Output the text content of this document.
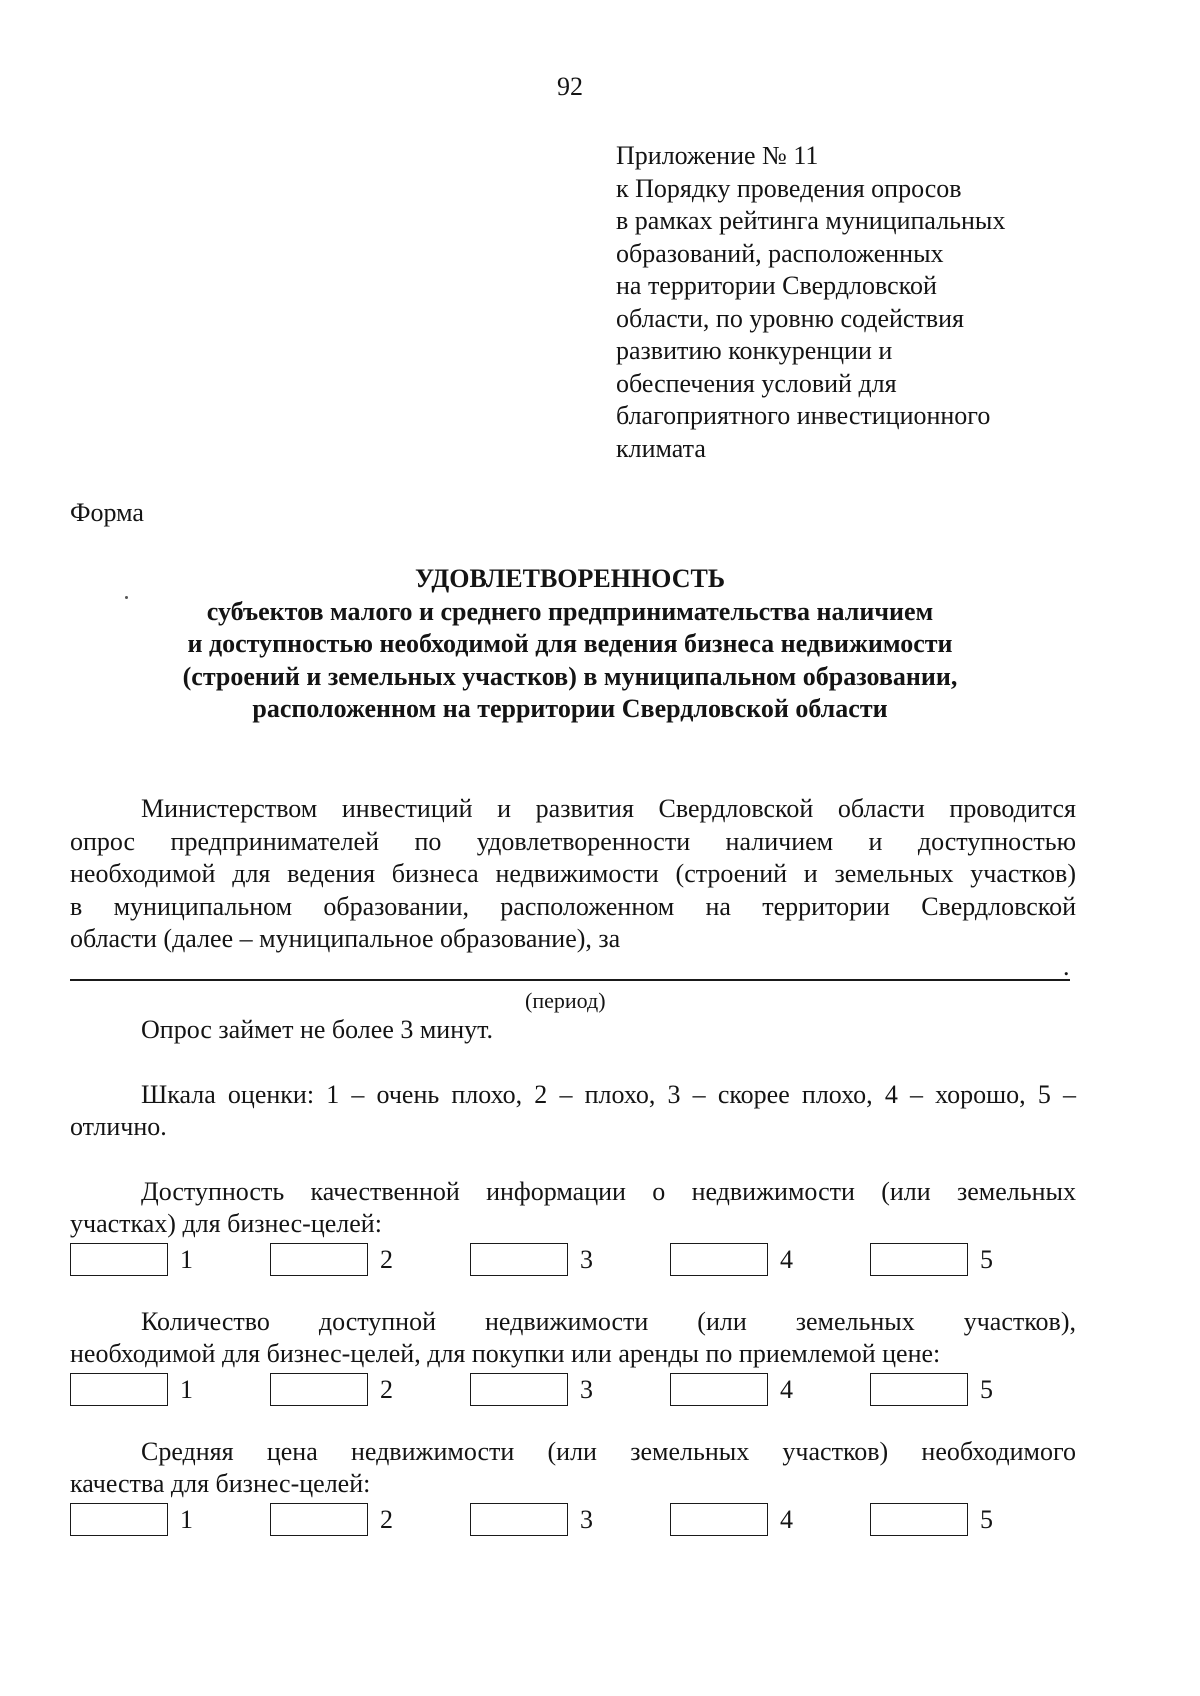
92
Приложение № 11
к Порядку проведения опросов
в рамках рейтинга муниципальных
образований, расположенных
на территории Свердловской
области, по уровню содействия
развитию конкуренции и
обеспечения условий для
благоприятного инвестиционного
климата
Форма
УДОВЛЕТВОРЕННОСТЬ
субъектов малого и среднего предпринимательства наличием
и доступностью необходимой для ведения бизнеса недвижимости
(строений и земельных участков) в муниципальном образовании,
расположенном на территории Свердловской области
Министерством инвестиций и развития Свердловской области проводится
опрос предпринимателей по удовлетворенности наличием и доступностью
необходимой для ведения бизнеса недвижимости (строений и земельных участков)
в муниципальном образовании, расположенном на территории Свердловской
области (далее – муниципальное образование), за
.
(период)
Опрос займет не более 3 минут.
Шкала оценки: 1 – очень плохо, 2 – плохо, 3 – скорее плохо, 4 – хорошо, 5 –
отлично.
Доступность качественной информации о недвижимости (или земельных
участках) для бизнес-целей:
1	2	3	4	5
Количество доступной недвижимости (или земельных участков),
необходимой для бизнес-целей, для покупки или аренды по приемлемой цене:
1	2	3	4	5
Средняя цена недвижимости (или земельных участков) необходимого
качества для бизнес-целей:
1	2	3	4	5
